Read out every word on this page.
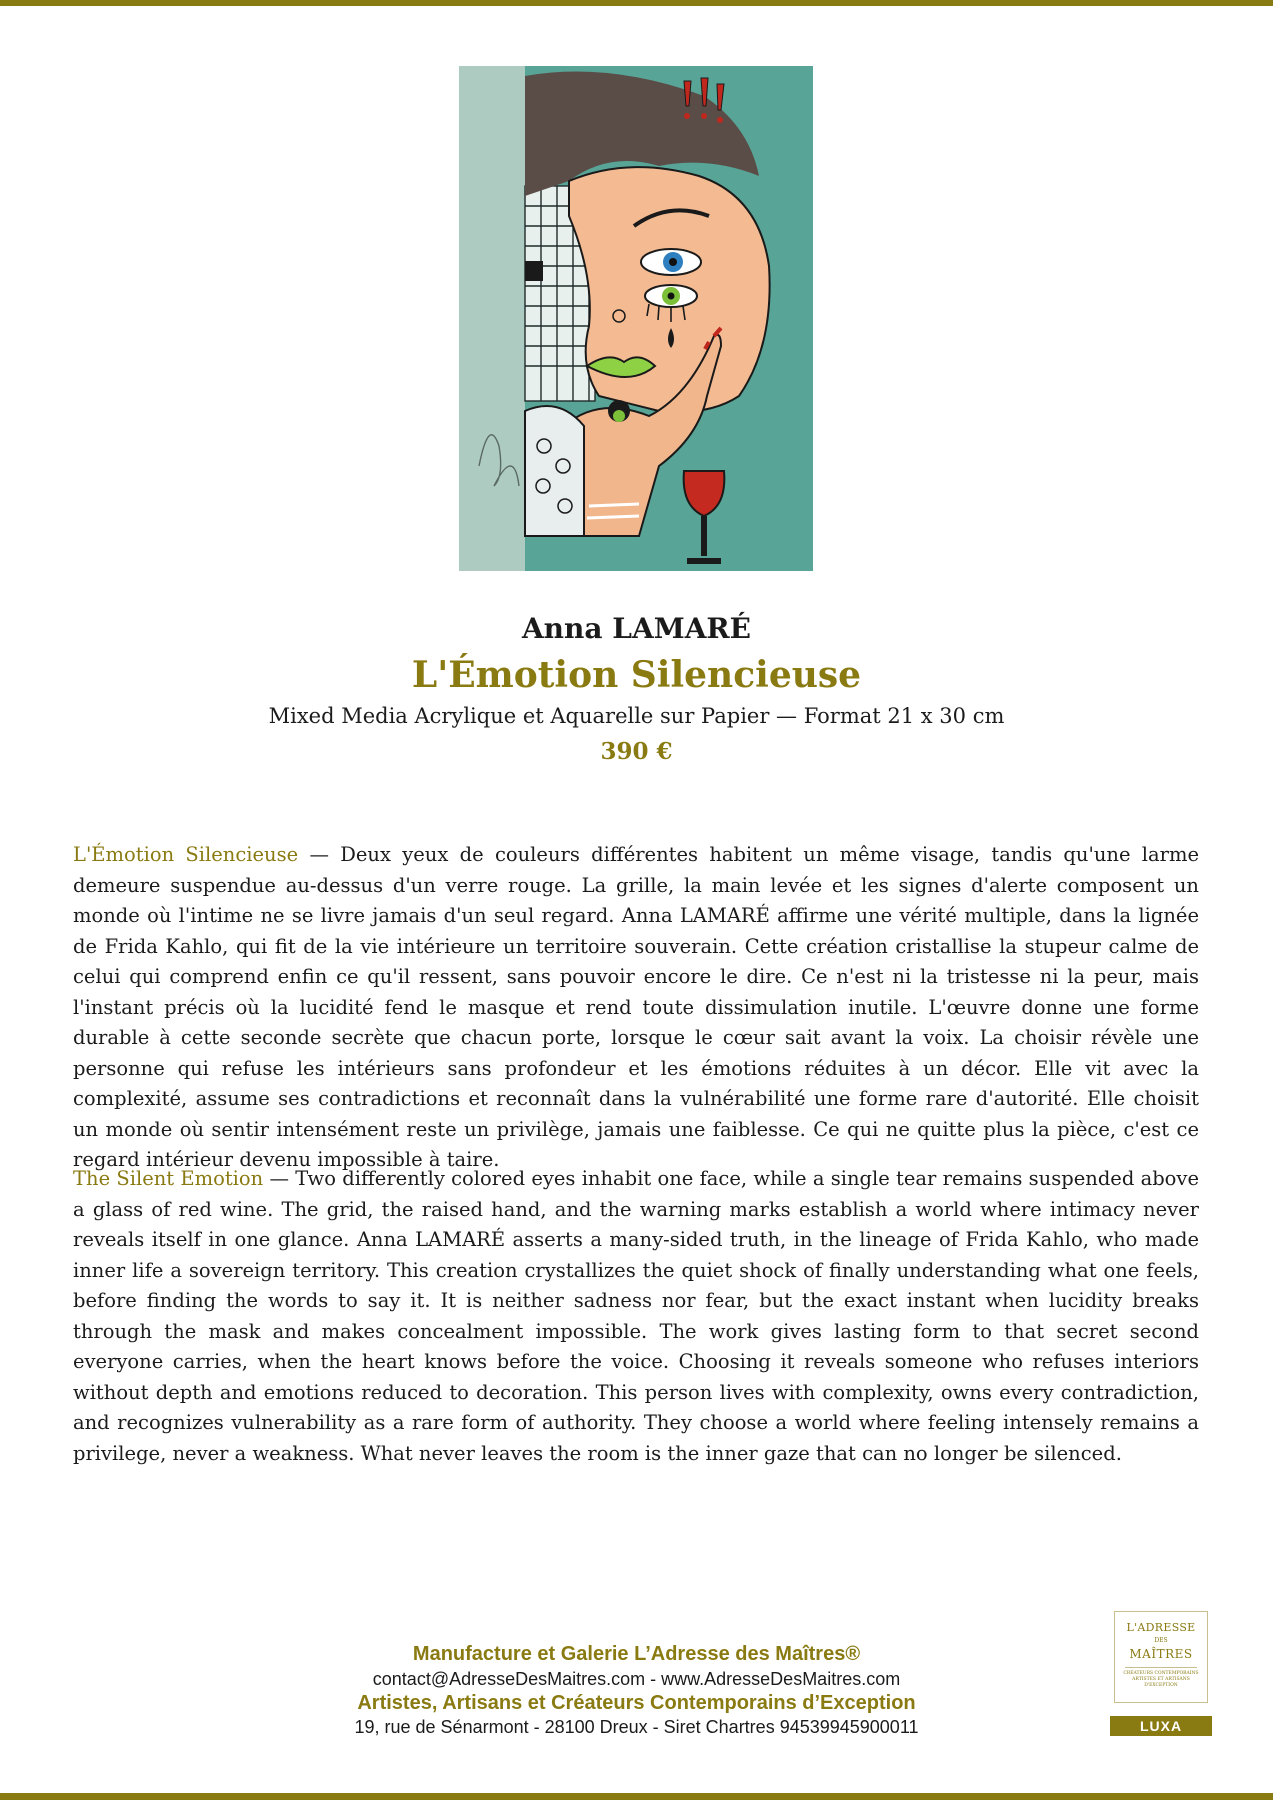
Anna LAMARÉ
L'Émotion Silencieuse
Mixed Media Acrylique et Aquarelle sur Papier — Format 21 x 30 cm
390 €

L'Émotion Silencieuse — Deux yeux de couleurs différentes habitent un même visage, tandis qu'une larme demeure suspendue au-dessus d'un verre rouge. La grille, la main levée et les signes d'alerte composent un monde où l'intime ne se livre jamais d'un seul regard. Anna LAMARÉ affirme une vérité multiple, dans la lignée de Frida Kahlo, qui fit de la vie intérieure un territoire souverain. Cette création cristallise la stupeur calme de celui qui comprend enfin ce qu'il ressent, sans pouvoir encore le dire. Ce n'est ni la tristesse ni la peur, mais l'instant précis où la lucidité fend le masque et rend toute dissimulation inutile. L'œuvre donne une forme durable à cette seconde secrète que chacun porte, lorsque le cœur sait avant la voix. La choisir révèle une personne qui refuse les intérieurs sans profondeur et les émotions réduites à un décor. Elle vit avec la complexité, assume ses contradictions et reconnaît dans la vulnérabilité une forme rare d'autorité. Elle choisit un monde où sentir intensément reste un privilège, jamais une faiblesse. Ce qui ne quitte plus la pièce, c'est ce regard intérieur devenu impossible à taire.

The Silent Emotion — Two differently colored eyes inhabit one face, while a single tear remains suspended above a glass of red wine. The grid, the raised hand, and the warning marks establish a world where intimacy never reveals itself in one glance. Anna LAMARÉ asserts a many-sided truth, in the lineage of Frida Kahlo, who made inner life a sovereign territory. This creation crystallizes the quiet shock of finally understanding what one feels, before finding the words to say it. It is neither sadness nor fear, but the exact instant when lucidity breaks through the mask and makes concealment impossible. The work gives lasting form to that secret second everyone carries, when the heart knows before the voice. Choosing it reveals someone who refuses interiors without depth and emotions reduced to decoration. This person lives with complexity, owns every contradiction, and recognizes vulnerability as a rare form of authority. They choose a world where feeling intensely remains a privilege, never a weakness. What never leaves the room is the inner gaze that can no longer be silenced.

Manufacture et Galerie L’Adresse des Maîtres®
contact@AdresseDesMaitres.com - www.AdresseDesMaitres.com
Artistes, Artisans et Créateurs Contemporains d’Exception
19, rue de Sénarmont - 28100 Dreux - Siret Chartres 94539945900011
L'ADRESSE
DES
MAÎTRES
CRÉATEURS CONTEMPORAINS ARTISTES ET ARTISANS D'EXCEPTION
LUXA
